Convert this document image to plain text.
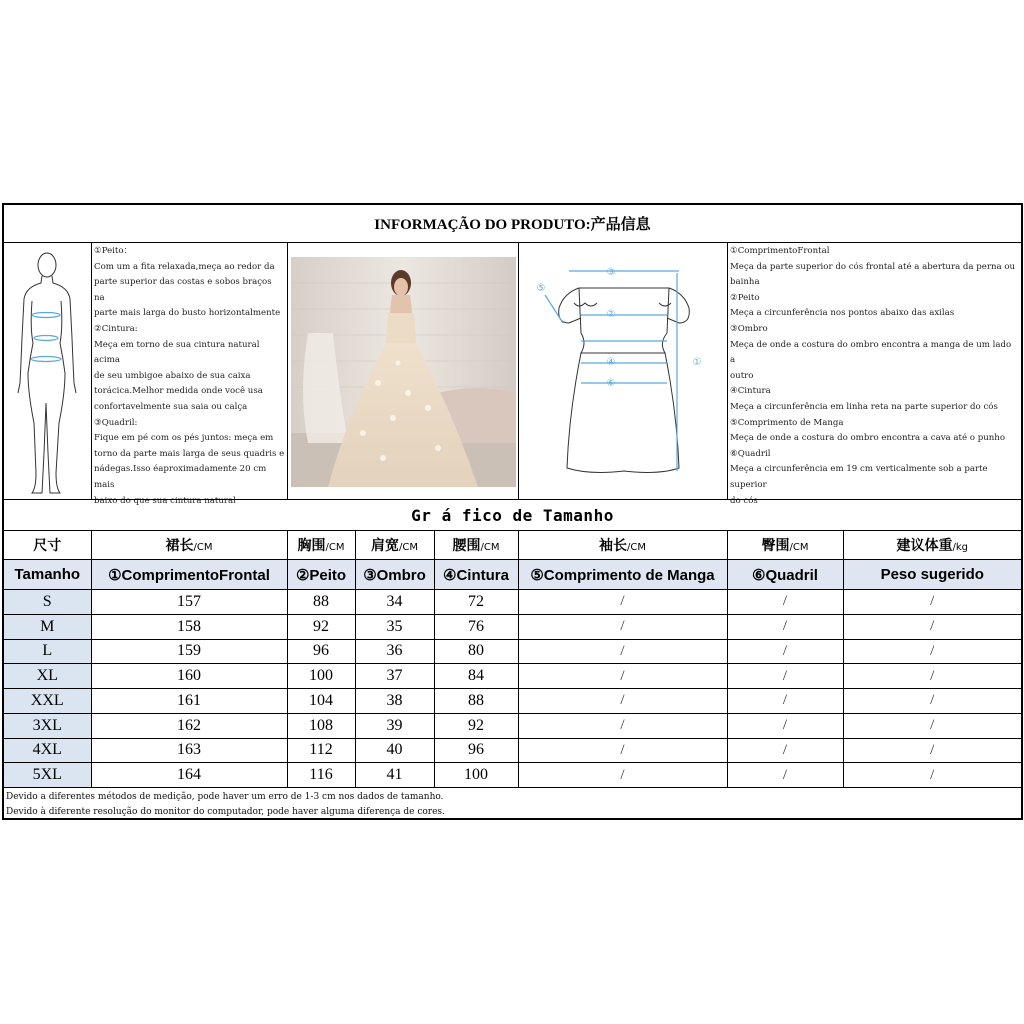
INFORMAÇÃO DO PRODUTO:产品信息

①Peito：

Com um a fita relaxada,meça ao redor da

parte superior das costas e sobos braços na

parte mais larga do busto horizontalmente

②Cintura:

Meça em torno de sua cintura natural acima

de seu umbigoe abaixo de sua caixa

torácica.Melhor medida onde você usa

confortavelmente sua saia ou calça

③Quadril:

Fique em pé com os pés juntos: meça em

torno da parte mais larga de seus quadris e

nádegas.Isso éaproximadamente 20 cm mais

baixo do que sua cintura natural

③
②
④
⑥
①
⑤

①ComprimentoFrontal

Meça da parte superior do cós frontal até a abertura da perna ou

bainha

②Peito

Meça a circunferência nos pontos abaixo das axilas

③Ombro

Meça de onde a costura do ombro encontra a manga de um lado a

outro

④Cintura

Meça a circunferência em linha reta na parte superior do cós

⑤Comprimento de Manga

Meça de onde a costura do ombro encontra a cava até o punho

⑥Quadril

Meça a circunferência em 19 cm verticalmente sob a parte superior

do cós

Gr á fico de Tamanho
尺寸	裙长/CM	胸围/CM	肩宽/CM	腰围/CM	袖长/CM	臀围/CM	建议体重/kg
Tamanho	①ComprimentoFrontal	②Peito	③Ombro	④Cintura	⑤Comprimento de Manga	⑥Quadril	Peso sugerido
S	157	88	34	72	/	/	/
M	158	92	35	76	/	/	/
L	159	96	36	80	/	/	/
XL	160	100	37	84	/	/	/
XXL	161	104	38	88	/	/	/
3XL	162	108	39	92	/	/	/
4XL	163	112	40	96	/	/	/
5XL	164	116	41	100	/	/	/
Devido a diferentes métodos de medição, pode haver um erro de 1-3 cm nos dados de tamanho.
Devido à diferente resolução do monitor do computador, pode haver alguma diferença de cores.
